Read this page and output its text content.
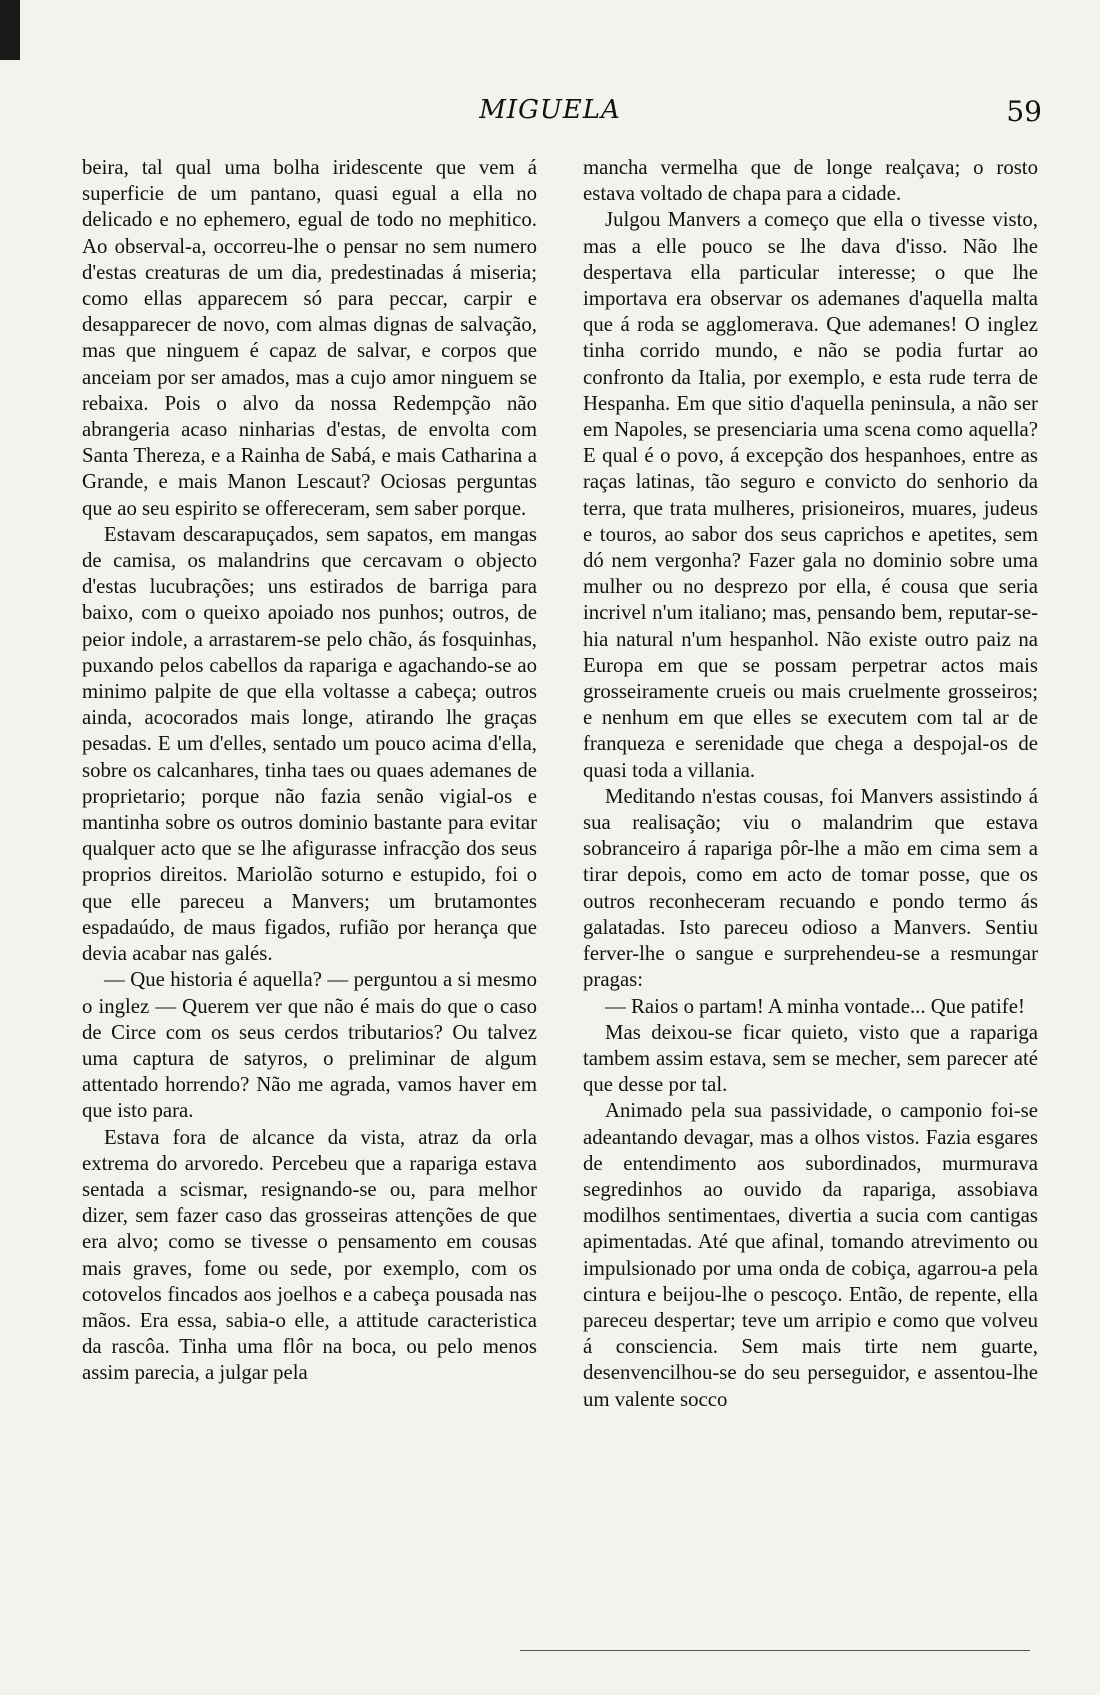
MIGUELA	59

beira, tal qual uma bolha iridescente que vem á superficie de um pantano, quasi egual a ella no delicado e no ephemero, egual de todo no mephitico. Ao observal-a, occorreu-lhe o pensar no sem numero d'estas creaturas de um dia, predestinadas á miseria; como ellas apparecem só para peccar, carpir e desapparecer de novo, com almas dignas de salvação, mas que ninguem é capaz de salvar, e corpos que anceiam por ser amados, mas a cujo amor ninguem se rebaixa. Pois o alvo da nossa Redempção não abrangeria acaso ninharias d'estas, de envolta com Santa Thereza, e a Rainha de Sabá, e mais Catharina a Grande, e mais Manon Lescaut? Ociosas perguntas que ao seu espirito se offereceram, sem saber porque.

Estavam descarapuçados, sem sapatos, em mangas de camisa, os malandrins que cercavam o objecto d'estas lucubrações; uns estirados de barriga para baixo, com o queixo apoiado nos punhos; outros, de peior indole, a arrastarem-se pelo chão, ás fosquinhas, puxando pelos cabellos da rapariga e agachando-se ao minimo palpite de que ella voltasse a cabeça; outros ainda, acocorados mais longe, atirando lhe graças pesadas. E um d'elles, sentado um pouco acima d'ella, sobre os calcanhares, tinha taes ou quaes ademanes de proprietario; porque não fazia senão vigial-os e mantinha sobre os outros dominio bastante para evitar qualquer acto que se lhe afigurasse infracção dos seus proprios direitos. Mariolão soturno e estupido, foi o que elle pareceu a Manvers; um brutamontes espadaúdo, de maus figados, rufião por herança que devia acabar nas galés.

— Que historia é aquella? — perguntou a si mesmo o inglez — Querem ver que não é mais do que o caso de Circe com os seus cerdos tributarios? Ou talvez uma captura de satyros, o preliminar de algum attentado horrendo? Não me agrada, vamos haver em que isto para.

Estava fora de alcance da vista, atraz da orla extrema do arvoredo. Percebeu que a rapariga estava sentada a scismar, resignando-se ou, para melhor dizer, sem fazer caso das grosseiras attenções de que era alvo; como se tivesse o pensamento em cousas mais graves, fome ou sede, por exemplo, com os cotovelos fincados aos joelhos e a cabeça pousada nas mãos. Era essa, sabia-o elle, a attitude caracteristica da rascôa. Tinha uma flôr na boca, ou pelo menos assim parecia, a julgar pela

mancha vermelha que de longe realçava; o rosto estava voltado de chapa para a cidade.

Julgou Manvers a começo que ella o tivesse visto, mas a elle pouco se lhe dava d'isso. Não lhe despertava ella particular interesse; o que lhe importava era observar os ademanes d'aquella malta que á roda se agglomerava. Que ademanes! O inglez tinha corrido mundo, e não se podia furtar ao confronto da Italia, por exemplo, e esta rude terra de Hespanha. Em que sitio d'aquella peninsula, a não ser em Napoles, se presenciaria uma scena como aquella? E qual é o povo, á excepção dos hespanhoes, entre as raças latinas, tão seguro e convicto do senhorio da terra, que trata mulheres, prisioneiros, muares, judeus e touros, ao sabor dos seus caprichos e apetites, sem dó nem vergonha? Fazer gala no dominio sobre uma mulher ou no desprezo por ella, é cousa que seria incrivel n'um italiano; mas, pensando bem, reputar-se-hia natural n'um hespanhol. Não existe outro paiz na Europa em que se possam perpetrar actos mais grosseiramente crueis ou mais cruelmente grosseiros; e nenhum em que elles se executem com tal ar de franqueza e serenidade que chega a despojal-os de quasi toda a villania.

Meditando n'estas cousas, foi Manvers assistindo á sua realisação; viu o malandrim que estava sobranceiro á rapariga pôr-lhe a mão em cima sem a tirar depois, como em acto de tomar posse, que os outros reconheceram recuando e pondo termo ás galatadas. Isto pareceu odioso a Manvers. Sentiu ferver-lhe o sangue e surprehendeu-se a resmungar pragas:

— Raios o partam! A minha vontade... Que patife!

Mas deixou-se ficar quieto, visto que a rapariga tambem assim estava, sem se mecher, sem parecer até que desse por tal.

Animado pela sua passividade, o camponio foi-se adeantando devagar, mas a olhos vistos. Fazia esgares de entendimento aos subordinados, murmurava segredinhos ao ouvido da rapariga, assobiava modilhos sentimentaes, divertia a sucia com cantigas apimentadas. Até que afinal, tomando atrevimento ou impulsionado por uma onda de cobiça, agarrou-a pela cintura e beijou-lhe o pescoço. Então, de repente, ella pareceu despertar; teve um arripio e como que volveu á consciencia. Sem mais tirte nem guarte, desenvencilhou-se do seu perseguidor, e assentou-lhe um valente socco
